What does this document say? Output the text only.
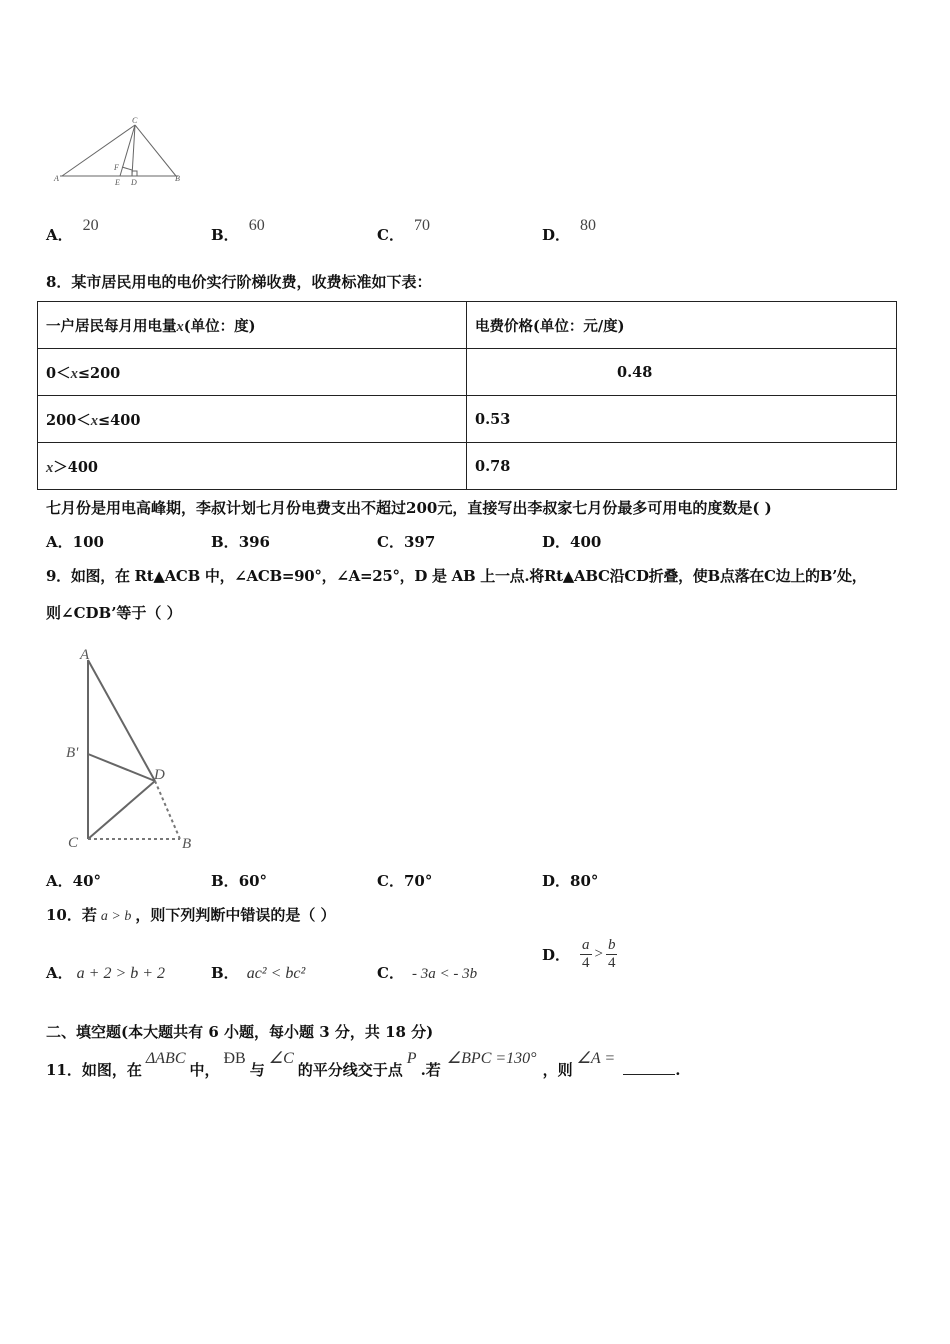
C
A	B
F
E D
A．20
B．60
C．70
D．80
8．某市居民用电的电价实行阶梯收费，收费标准如下表：
一户居民每月用电量x(单位：度)	电费价格(单位：元/度)
0＜x≤200	0.48
200＜x≤400	0.53
x＞400	0.78
七月份是用电高峰期，李叔计划七月份电费支出不超过200元，直接写出李叔家七月份最多可用电的度数是( )
A．100	B．396	C．397	D．400
9．如图，在 Rt▲ACB 中，∠ACB=90°，∠A=25°，D 是 AB 上一点.将Rt▲ABC沿CD折叠，使B点落在C边上的B’处，
则∠CDB’等于（ ）
A
B'
D
C	B
A．40°	B．60°	C．70°	D．80°
10．若 a > b ，则下列判断中错误的是（ ）
A． a + 2 > b + 2	B． ac² < bc²	C． - 3a < - 3b
D． $\frac{a}{4} > \frac{b}{4}$
二、填空题(本大题共有 6 小题，每小题 3 分，共 18 分)
11．如图，在ΔABC中，ÐB与∠C的平分线交于点P.若∠BPC =130°，则∠A =.
